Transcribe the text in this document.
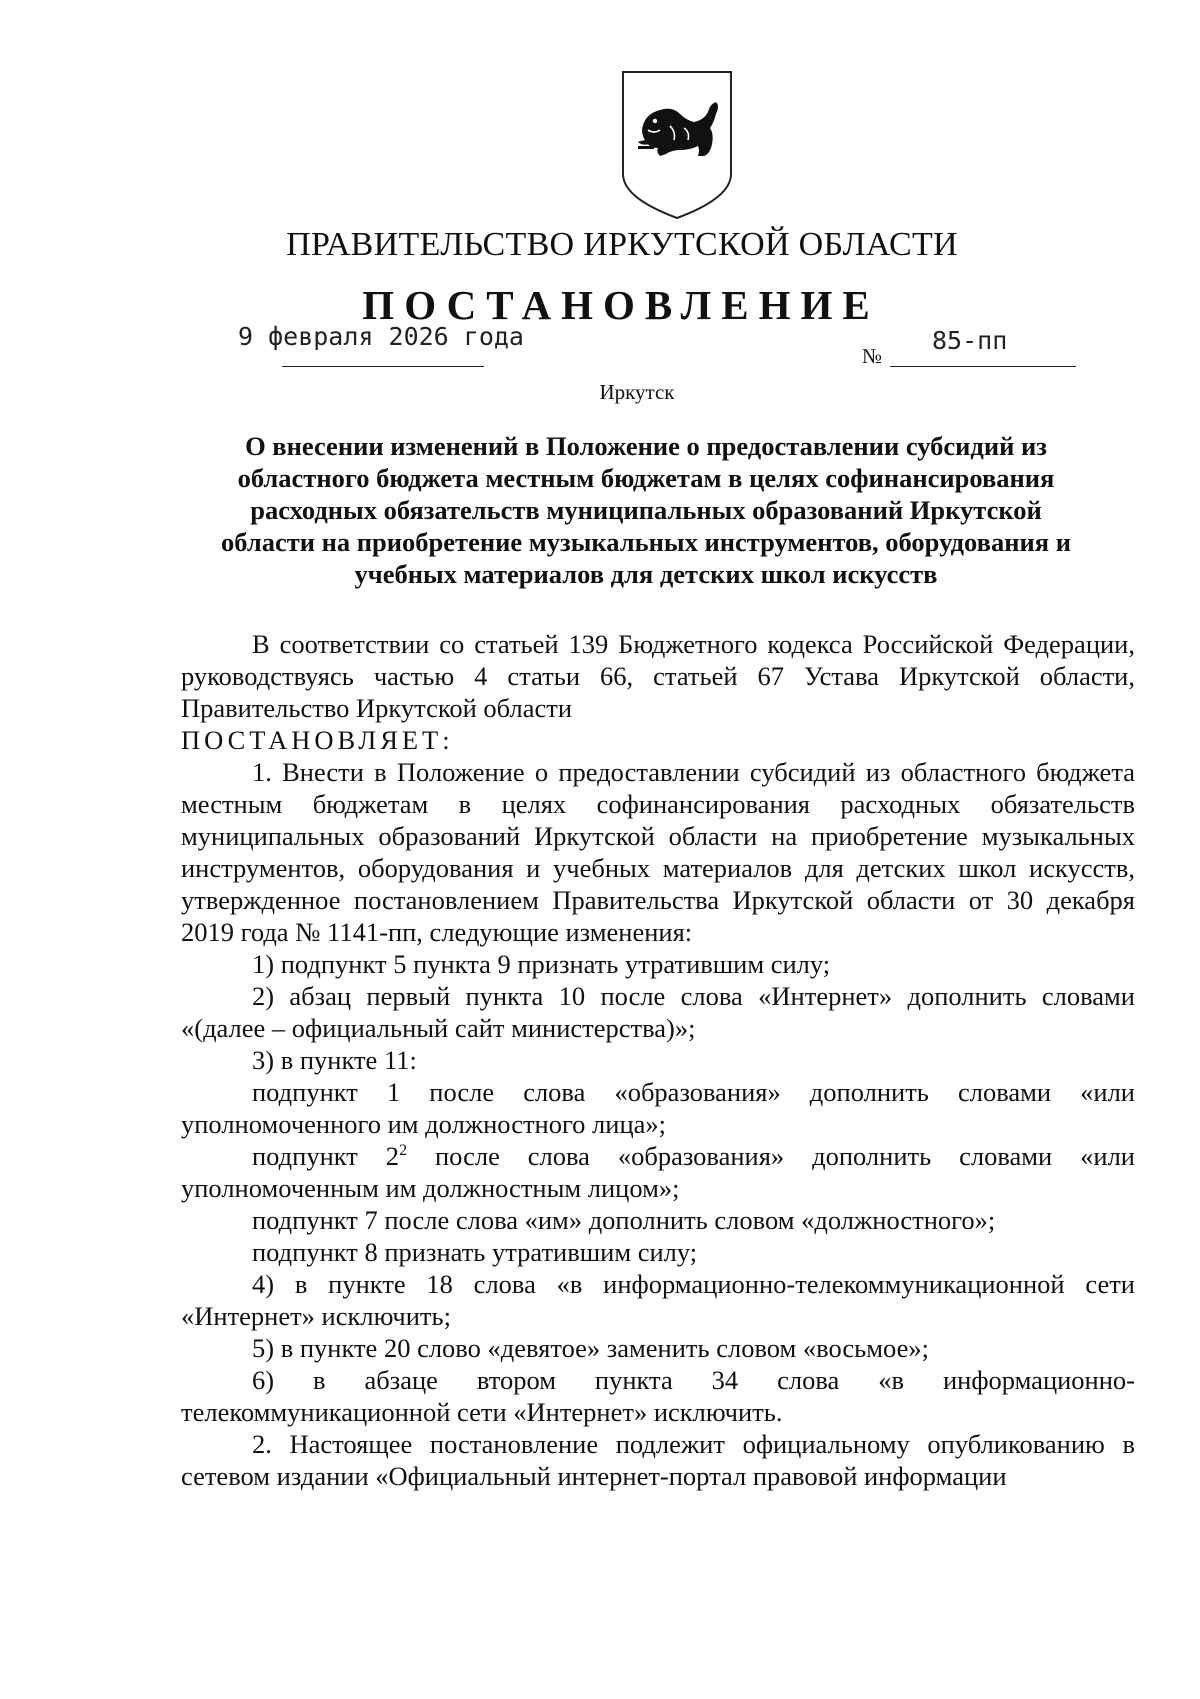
ПРАВИТЕЛЬСТВО ИРКУТСКОЙ ОБЛАСТИ
ПОСТАНОВЛЕНИЕ
9 февраля 2026 года
№
85-пп
Иркутск
О внесении изменений в Положение о предоставлении субсидий из
областного бюджета местным бюджетам в целях софинансирования
расходных обязательств муниципальных образований Иркутской
области на приобретение музыкальных инструментов, оборудования и
учебных материалов для детских школ искусств

В соответствии со статьей 139 Бюджетного кодекса Российской Федерации, руководствуясь частью 4 статьи 66, статьей 67 Устава Иркутской области, Правительство Иркутской области

ПОСТАНОВЛЯЕТ:

1. Внести в Положение о предоставлении субсидий из областного бюджета местным бюджетам в целях софинансирования расходных обязательств муниципальных образований Иркутской области на приобретение музыкальных инструментов, оборудования и учебных материалов для детских школ искусств, утвержденное постановлением Правительства Иркутской области от 30 декабря 2019 года № 1141-пп, следующие изменения:

1) подпункт 5 пункта 9 признать утратившим силу;

2) абзац первый пункта 10 после слова «Интернет» дополнить словами «(далее – официальный сайт министерства)»;

3) в пункте 11:

подпункт 1 после слова «образования» дополнить словами «или уполномоченного им должностного лица»;

подпункт $2^2$ после слова «образования» дополнить словами «или уполномоченным им должностным лицом»;

подпункт 7 после слова «им» дополнить словом «должностного»;

подпункт 8 признать утратившим силу;

4) в пункте 18 слова «в информационно-телекоммуникационной сети «Интернет» исключить;

5) в пункте 20 слово «девятое» заменить словом «восьмое»;

6) в абзаце втором пункта 34 слова «в информационно-телекоммуникационной сети «Интернет» исключить.

2. Настоящее постановление подлежит официальному опубликованию в сетевом издании «Официальный интернет-портал правовой информации
